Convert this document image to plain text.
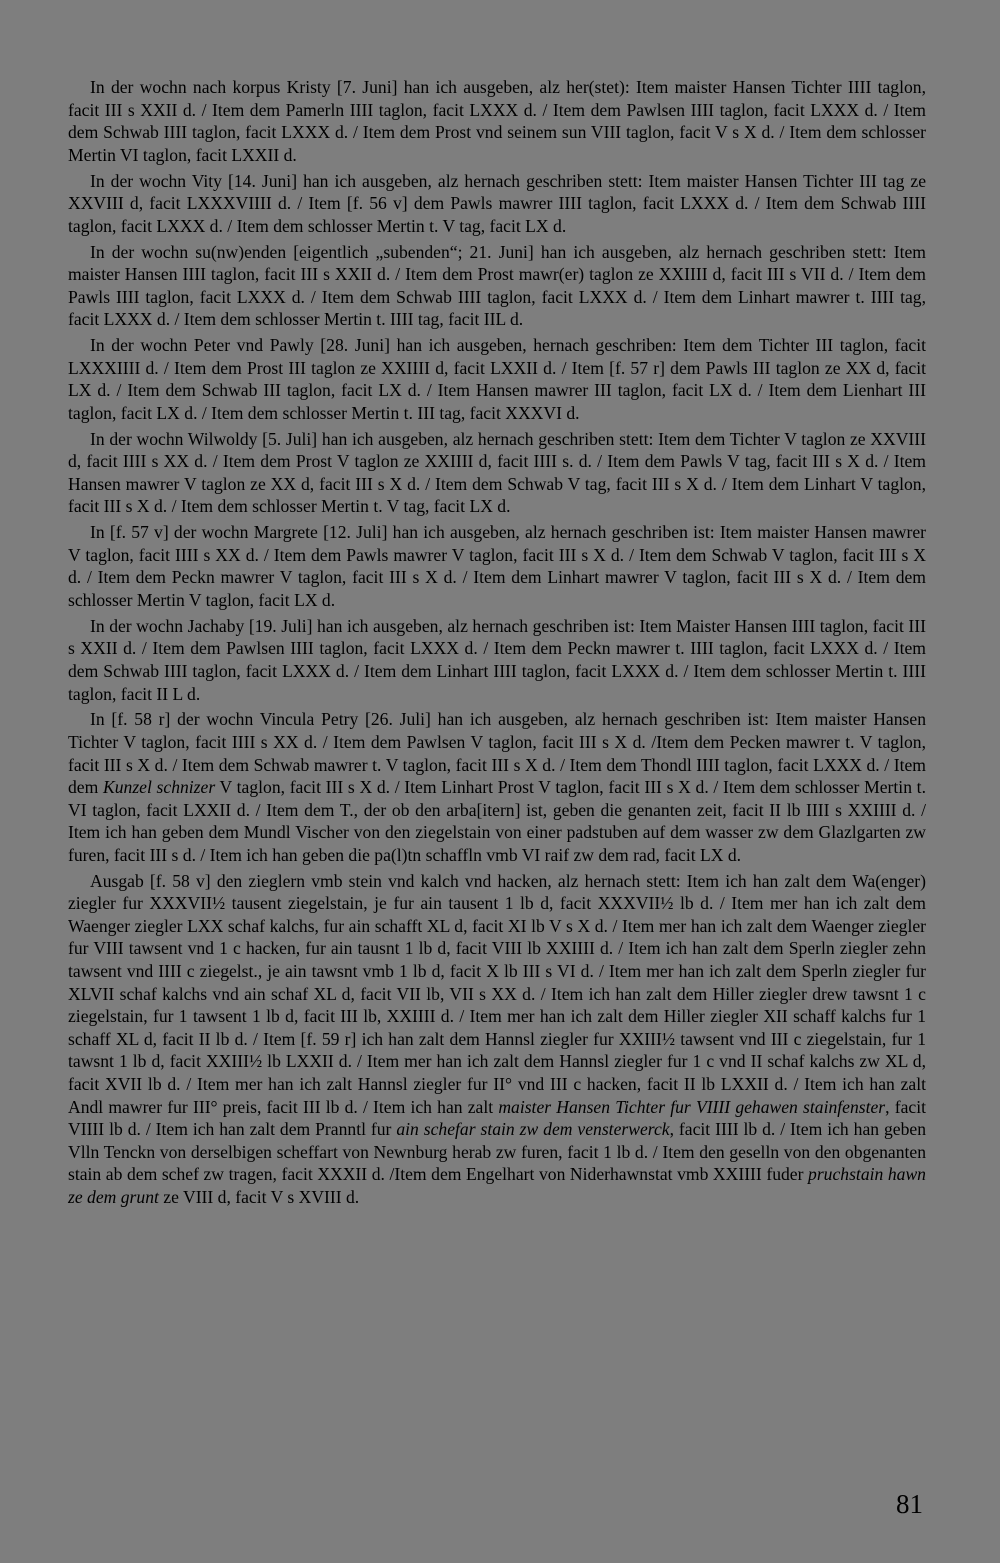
In der wochn nach korpus Kristy [7. Juni] han ich ausgeben, alz her(stet): Item maister Hansen Tichter IIII taglon, facit III s XXII d. / Item dem Pamerln IIII taglon, facit LXXX d. / Item dem Pawlsen IIII taglon, facit LXXX d. / Item dem Schwab IIII taglon, facit LXXX d. / Item dem Prost vnd seinem sun VIII taglon, facit V s X d. / Item dem schlosser Mertin VI taglon, facit LXXII d.

In der wochn Vity [14. Juni] han ich ausgeben, alz hernach geschriben stett: Item maister Hansen Tichter III tag ze XXVIII d, facit LXXXVIIII d. / Item [f. 56 v] dem Pawls mawrer IIII taglon, facit LXXX d. / Item dem Schwab IIII taglon, facit LXXX d. / Item dem schlosser Mertin t. V tag, facit LX d.

In der wochn su(nw)enden [eigentlich „subenden“; 21. Juni] han ich ausgeben, alz hernach geschriben stett: Item maister Hansen IIII taglon, facit III s XXII d. / Item dem Prost mawr(er) taglon ze XXIIII d, facit III s VII d. / Item dem Pawls IIII taglon, facit LXXX d. / Item dem Schwab IIII taglon, facit LXXX d. / Item dem Linhart mawrer t. IIII tag, facit LXXX d. / Item dem schlosser Mertin t. IIII tag, facit IIL d.

In der wochn Peter vnd Pawly [28. Juni] han ich ausgeben, hernach geschriben: Item dem Tichter III taglon, facit LXXXIIII d. / Item dem Prost III taglon ze XXIIII d, facit LXXII d. / Item [f. 57 r] dem Pawls III taglon ze XX d, facit LX d. / Item dem Schwab III taglon, facit LX d. / Item Hansen mawrer III taglon, facit LX d. / Item dem Lienhart III taglon, facit LX d. / Item dem schlosser Mertin t. III tag, facit XXXVI d.

In der wochn Wilwoldy [5. Juli] han ich ausgeben, alz hernach geschriben stett: Item dem Tichter V taglon ze XXVIII d, facit IIII s XX d. / Item dem Prost V taglon ze XXIIII d, facit IIII s. d. / Item dem Pawls V tag, facit III s X d. / Item Hansen mawrer V taglon ze XX d, facit III s X d. / Item dem Schwab V tag, facit III s X d. / Item dem Linhart V taglon, facit III s X d. / Item dem schlosser Mertin t. V tag, facit LX d.

In [f. 57 v] der wochn Margrete [12. Juli] han ich ausgeben, alz hernach geschriben ist: Item maister Hansen mawrer V taglon, facit IIII s XX d. / Item dem Pawls mawrer V taglon, facit III s X d. / Item dem Schwab V taglon, facit III s X d. / Item dem Peckn mawrer V taglon, facit III s X d. / Item dem Linhart mawrer V taglon, facit III s X d. / Item dem schlosser Mertin V taglon, facit LX d.

In der wochn Jachaby [19. Juli] han ich ausgeben, alz hernach geschriben ist: Item Maister Hansen IIII taglon, facit III s XXII d. / Item dem Pawlsen IIII taglon, facit LXXX d. / Item dem Peckn mawrer t. IIII taglon, facit LXXX d. / Item dem Schwab IIII taglon, facit LXXX d. / Item dem Linhart IIII taglon, facit LXXX d. / Item dem schlosser Mertin t. IIII taglon, facit II L d.

In [f. 58 r] der wochn Vincula Petry [26. Juli] han ich ausgeben, alz hernach geschriben ist: Item maister Hansen Tichter V taglon, facit IIII s XX d. / Item dem Pawlsen V taglon, facit III s X d. /Item dem Pecken mawrer t. V taglon, facit III s X d. / Item dem Schwab mawrer t. V taglon, facit III s X d. / Item dem Thondl IIII taglon, facit LXXX d. / Item dem Kunzel schnizer V taglon, facit III s X d. / Item Linhart Prost V taglon, facit III s X d. / Item dem schlosser Mertin t. VI taglon, facit LXXII d. / Item dem T., der ob den arba[itern] ist, geben die genanten zeit, facit II lb IIII s XXIIII d. / Item ich han geben dem Mundl Vischer von den ziegelstain von einer padstuben auf dem wasser zw dem Glazlgarten zw furen, facit III s d. / Item ich han geben die pa(l)tn schaffln vmb VI raif zw dem rad, facit LX d.

Ausgab [f. 58 v] den zieglern vmb stein vnd kalch vnd hacken, alz hernach stett: Item ich han zalt dem Wa(enger) ziegler fur XXXVII½ tausent ziegelstain, je fur ain tausent 1 lb d, facit XXXVII½ lb d. / Item mer han ich zalt dem Waenger ziegler LXX schaf kalchs, fur ain schafft XL d, facit XI lb V s X d. / Item mer han ich zalt dem Waenger ziegler fur VIII tawsent vnd 1 c hacken, fur ain tausnt 1 lb d, facit VIII lb XXIIII d. / Item ich han zalt dem Sperln ziegler zehn tawsent vnd IIII c ziegelst., je ain tawsnt vmb 1 lb d, facit X lb III s VI d. / Item mer han ich zalt dem Sperln ziegler fur XLVII schaf kalchs vnd ain schaf XL d, facit VII lb, VII s XX d. / Item ich han zalt dem Hiller ziegler drew tawsnt 1 c ziegelstain, fur 1 tawsent 1 lb d, facit III lb, XXIIII d. / Item mer han ich zalt dem Hiller ziegler XII schaff kalchs fur 1 schaff XL d, facit II lb d. / Item [f. 59 r] ich han zalt dem Hannsl ziegler fur XXIII½ tawsent vnd III c ziegelstain, fur 1 tawsnt 1 lb d, facit XXIII½ lb LXXII d. / Item mer han ich zalt dem Hannsl ziegler fur 1 c vnd II schaf kalchs zw XL d, facit XVII lb d. / Item mer han ich zalt Hannsl ziegler fur II° vnd III c hacken, facit II lb LXXII d. / Item ich han zalt Andl mawrer fur III° preis, facit III lb d. / Item ich han zalt maister Hansen Tichter fur VIIII gehawen stainfenster, facit VIIII lb d. / Item ich han zalt dem Pranntl fur ain schefar stain zw dem vensterwerck, facit IIII lb d. / Item ich han geben Vlln Tenckn von derselbigen scheffart von Newnburg herab zw furen, facit 1 lb d. / Item den geselln von den obgenanten stain ab dem schef zw tragen, facit XXXII d. /Item dem Engelhart von Niderhawnstat vmb XXIIII fuder pruchstain hawn ze dem grunt ze VIII d, facit V s XVIII d.

81
